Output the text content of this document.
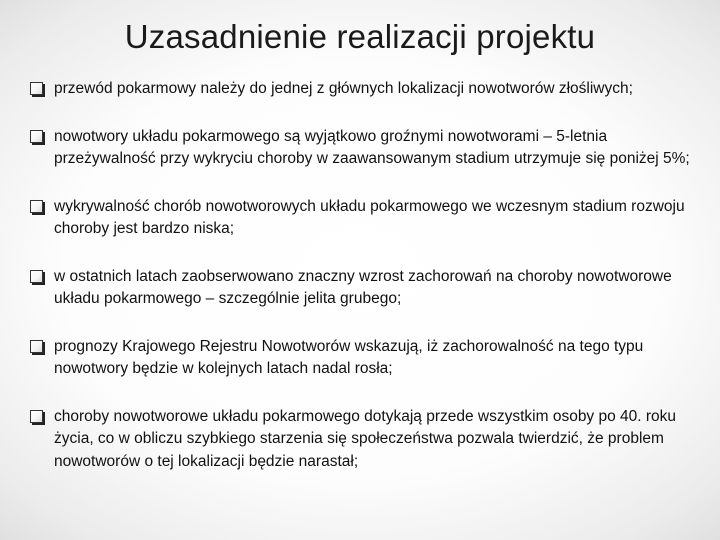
Uzasadnienie realizacji projektu
przewód pokarmowy należy do jednej z głównych lokalizacji nowotworów złośliwych;
nowotwory układu pokarmowego są wyjątkowo groźnymi nowotworami – 5-letnia przeżywalność przy wykryciu choroby w zaawansowanym stadium utrzymuje się poniżej 5%;
wykrywalność chorób nowotworowych układu pokarmowego we wczesnym stadium rozwoju choroby jest bardzo niska;
w ostatnich latach zaobserwowano znaczny wzrost zachorowań na choroby nowotworowe układu pokarmowego – szczególnie jelita grubego;
prognozy Krajowego Rejestru Nowotworów wskazują, iż zachorowalność na tego typu nowotwory będzie w kolejnych latach nadal rosła;
choroby nowotworowe układu pokarmowego dotykają przede wszystkim osoby po 40. roku życia, co w obliczu szybkiego starzenia się społeczeństwa pozwala twierdzić, że problem nowotworów o tej lokalizacji będzie narastał;
